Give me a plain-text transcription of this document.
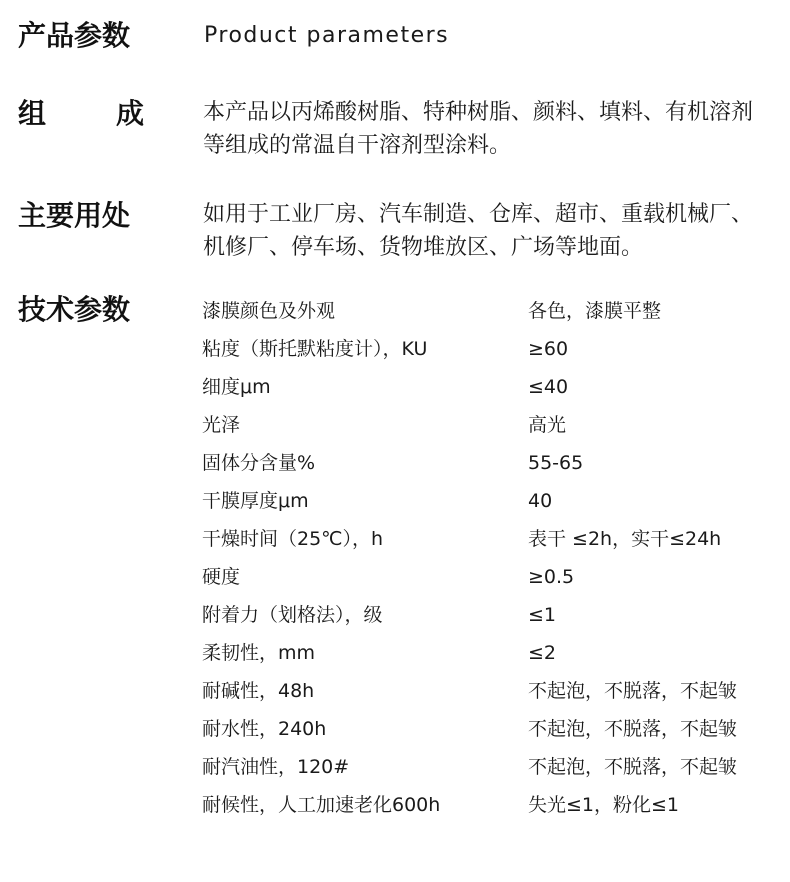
产品参数	Product parameters
组 成	本产品以丙烯酸树脂、特种树脂、颜料、填料、有机溶剂等组成的常温自干溶剂型涂料。
主要用处	如用于工业厂房、汽车制造、仓库、超市、重载机械厂、机修厂、停车场、货物堆放区、广场等地面。
技术参数	漆膜颜色及外观	各色，漆膜平整
粘度（斯托默粘度计），KU	≥60
细度μm	≤40
光泽	高光
固体分含量%	55-65
干膜厚度μm	40
干燥时间（25℃），h	表干 ≤2h，实干≤24h
硬度	≥0.5
附着力（划格法），级	≤1
柔韧性，mm	≤2
耐碱性，48h	不起泡，不脱落，不起皱
耐水性，240h	不起泡，不脱落，不起皱
耐汽油性，120#	不起泡，不脱落，不起皱
耐候性，人工加速老化600h	失光≤1，粉化≤1
